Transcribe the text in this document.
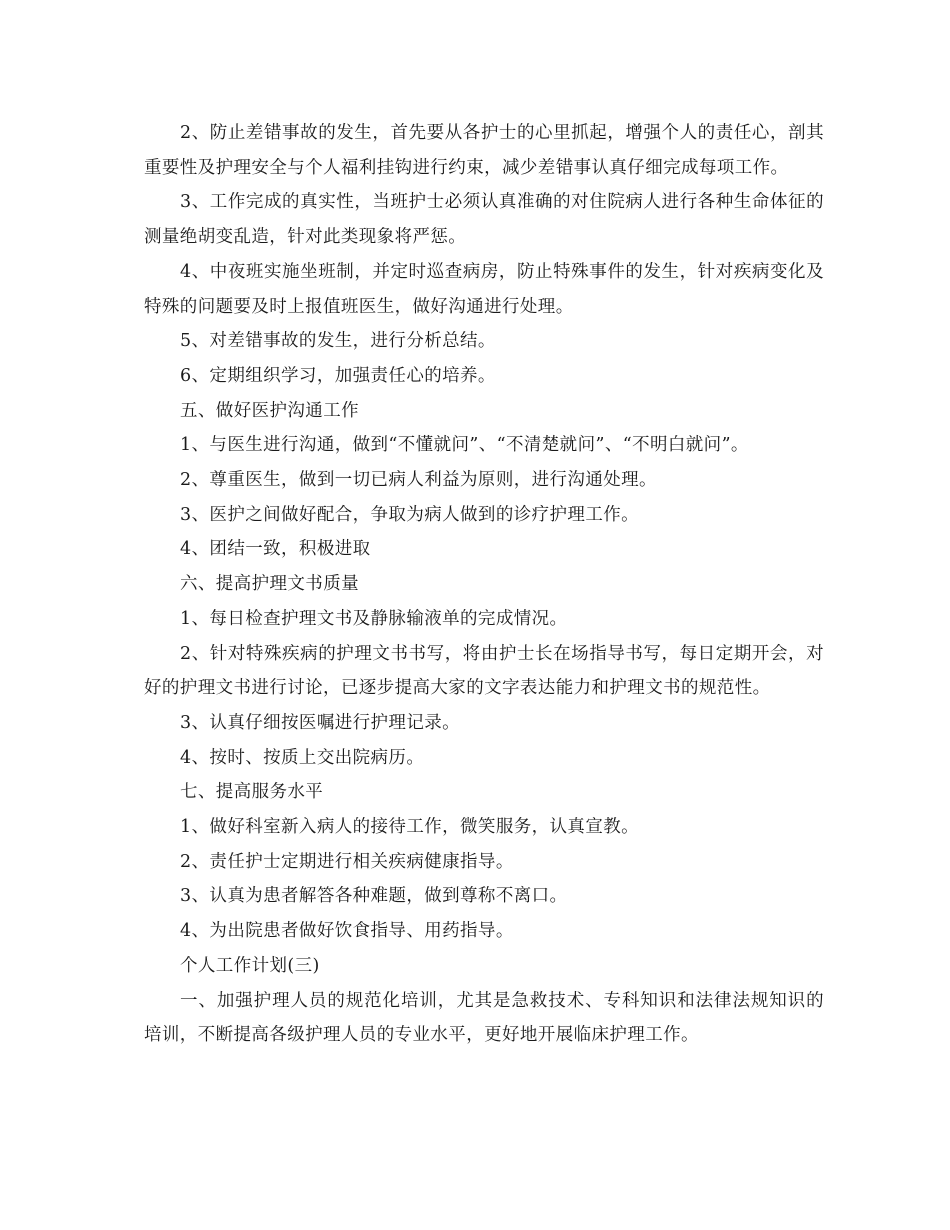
2、防止差错事故的发生，首先要从各护士的心里抓起，增强个人的责任心，剖其重要性及护理安全与个人福利挂钩进行约束，减少差错事认真仔细完成每项工作。

3、工作完成的真实性，当班护士必须认真准确的对住院病人进行各种生命体征的测量绝胡变乱造，针对此类现象将严惩。

4、中夜班实施坐班制，并定时巡查病房，防止特殊事件的发生，针对疾病变化及特殊的问题要及时上报值班医生，做好沟通进行处理。

5、对差错事故的发生，进行分析总结。

6、定期组织学习，加强责任心的培养。

五、做好医护沟通工作

1、与医生进行沟通，做到“不懂就问”、“不清楚就问”、“不明白就问”。

2、尊重医生，做到一切已病人利益为原则，进行沟通处理。

3、医护之间做好配合，争取为病人做到的诊疗护理工作。

4、团结一致，积极进取

六、提高护理文书质量

1、每日检查护理文书及静脉输液单的完成情况。

2、针对特殊疾病的护理文书书写，将由护士长在场指导书写，每日定期开会，对好的护理文书进行讨论，已逐步提高大家的文字表达能力和护理文书的规范性。

3、认真仔细按医嘱进行护理记录。

4、按时、按质上交出院病历。

七、提高服务水平

1、做好科室新入病人的接待工作，微笑服务，认真宣教。

2、责任护士定期进行相关疾病健康指导。

3、认真为患者解答各种难题，做到尊称不离口。

4、为出院患者做好饮食指导、用药指导。

个人工作计划(三)

一、加强护理人员的规范化培训，尤其是急救技术、专科知识和法律法规知识的培训，不断提高各级护理人员的专业水平，更好地开展临床护理工作。
